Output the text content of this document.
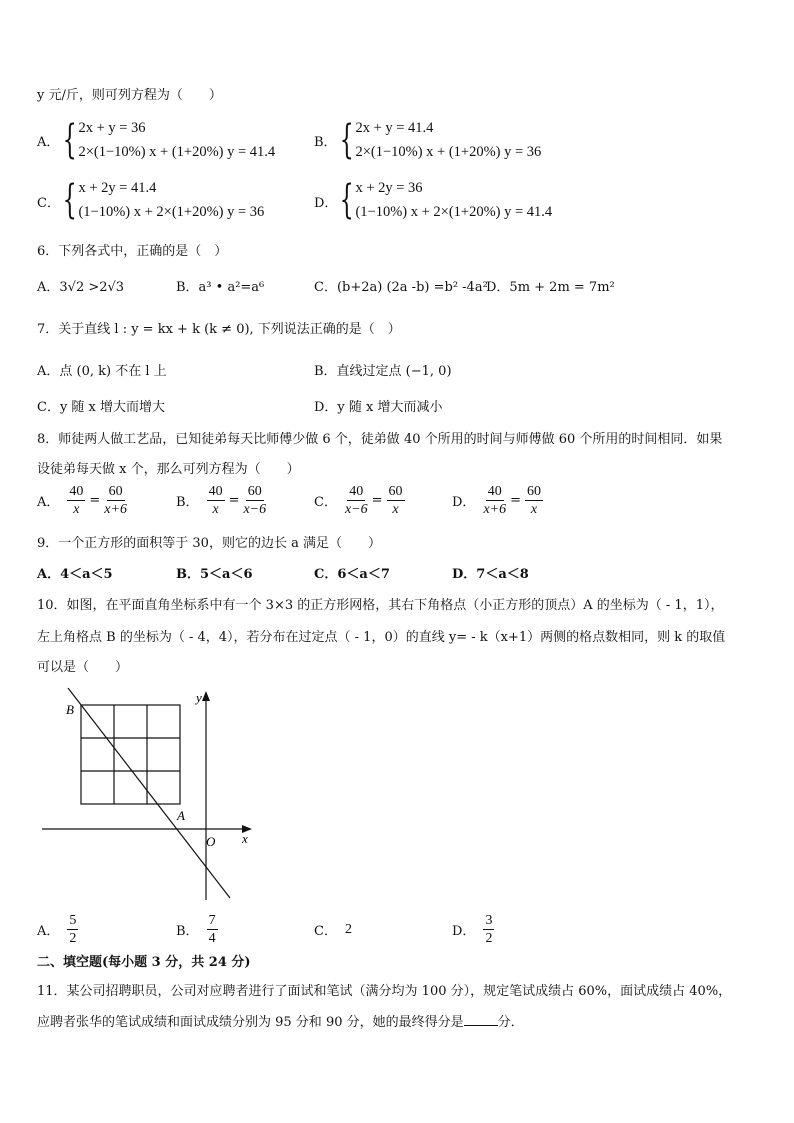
y 元/斤，则可列方程为（　　）
A． { 2x + y = 36
2×(1−10%) x + (1+20%) y = 41.4
B． { 2x + y = 41.4
2×(1−10%) x + (1+20%) y = 36
C． { x + 2y = 41.4
(1−10%) x + 2×(1+20%) y = 36
D． { x + 2y = 36
(1−10%) x + 2×(1+20%) y = 41.4
6．下列各式中，正确的是（　）
A．3√2 >2√3	B．a³ • a²=a⁶	C．(b+2a) (2a -b) =b² -4a²
D．5m + 2m = 7m²
7．关于直线 l : y = kx + k (k ≠ 0), 下列说法正确的是（　）
A．点 (0, k) 不在 l 上	B．直线过定点 (−1, 0)
C．y 随 x 增大而增大	D．y 随 x 增大而减小
8．师徒两人做工艺品，已知徒弟每天比师傅少做 6 个，徒弟做 40 个所用的时间与师傅做 60 个所用的时间相同．如果
设徒弟每天做 x 个，那么可列方程为（　　）
A． $\frac{40}{x} = \frac{60}{x+6}$	B． $\frac{40}{x} = \frac{60}{x-6}$	C． $\frac{40}{x-6} = \frac{60}{x}$	D． $\frac{40}{x+6} = \frac{60}{x}$
9．一个正方形的面积等于 30，则它的边长 a 满足（　　）
A．4＜a＜5	B．5＜a＜6	C．6＜a＜7	D．7＜a＜8
10．如图，在平面直角坐标系中有一个 3×3 的正方形网格，其右下角格点（小正方形的顶点）A 的坐标为（ - 1，1），
左上角格点 B 的坐标为（ - 4，4），若分布在过定点（ - 1，0）的直线 y= - k（x+1）两侧的格点数相同，则 k 的取值
可以是（　　）
B
A
O x
y
A． $\frac{5}{2}$	B． $\frac{7}{4}$	C． 2	D． $\frac{3}{2}$
二、填空题(每小题 3 分，共 24 分)
11．某公司招聘职员，公司对应聘者进行了面试和笔试（满分均为 100 分），规定笔试成绩占 60%，面试成绩占 40%，
应聘者张华的笔试成绩和面试成绩分别为 95 分和 90 分，她的最终得分是	分．
